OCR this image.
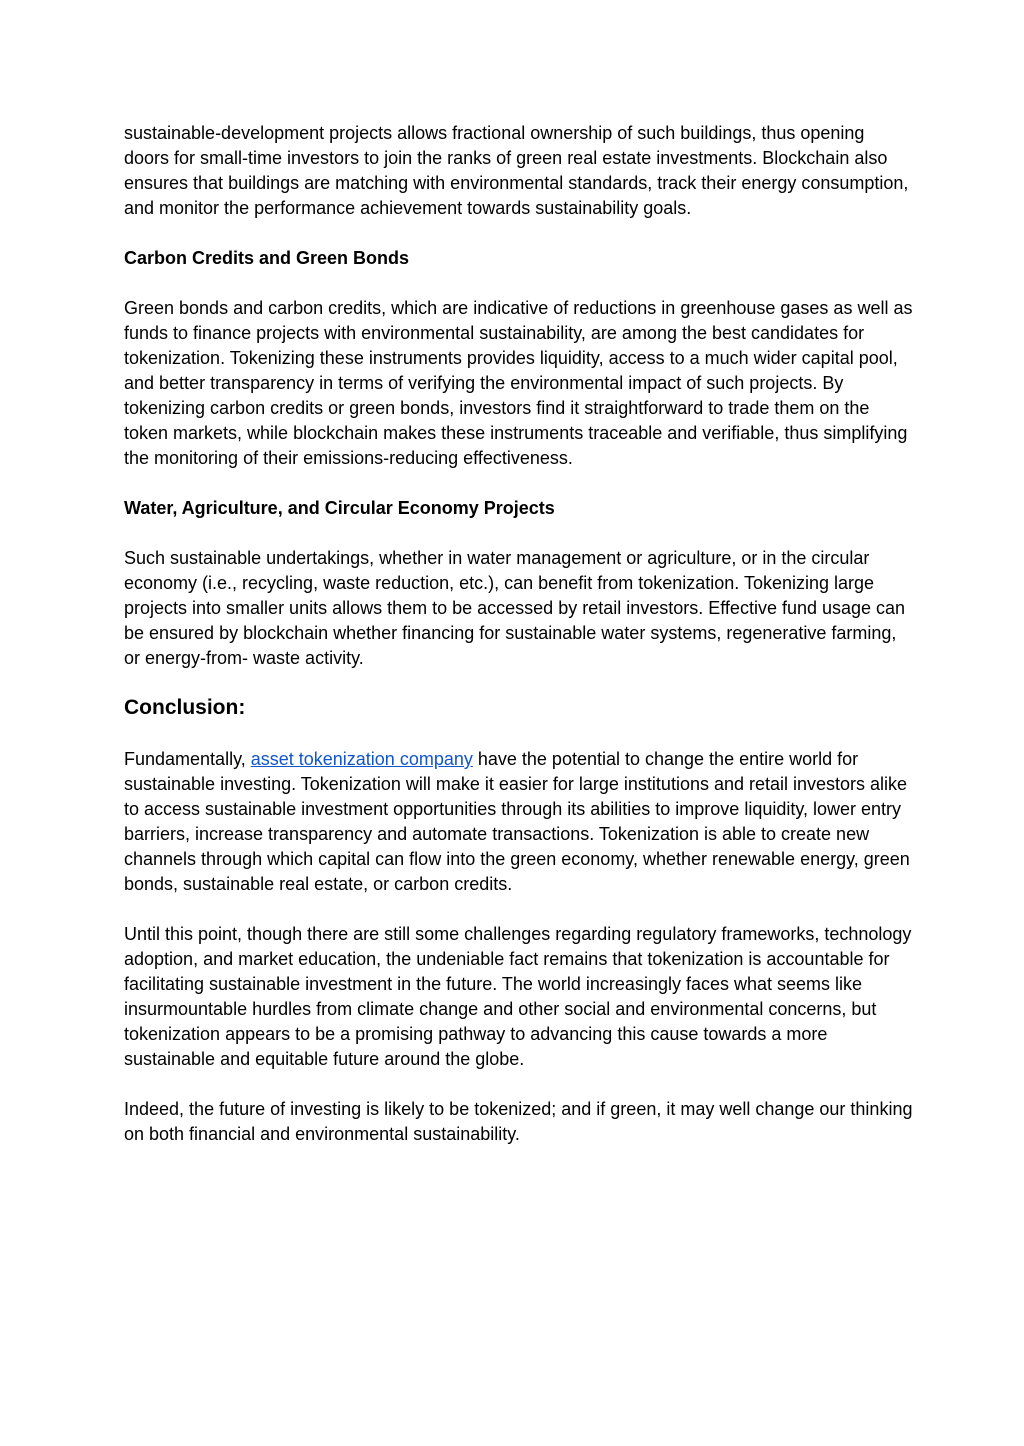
sustainable-development projects allows fractional ownership of such buildings, thus opening doors for small-time investors to join the ranks of green real estate investments. Blockchain also ensures that buildings are matching with environmental standards, track their energy consumption, and monitor the performance achievement towards sustainability goals.

Carbon Credits and Green Bonds

Green bonds and carbon credits, which are indicative of reductions in greenhouse gases as well as funds to finance projects with environmental sustainability, are among the best candidates for tokenization. Tokenizing these instruments provides liquidity, access to a much wider capital pool, and better transparency in terms of verifying the environmental impact of such projects. By tokenizing carbon credits or green bonds, investors find it straightforward to trade them on the token markets, while blockchain makes these instruments traceable and verifiable, thus simplifying the monitoring of their emissions-reducing effectiveness.

Water, Agriculture, and Circular Economy Projects

Such sustainable undertakings, whether in water management or agriculture, or in the circular economy (i.e., recycling, waste reduction, etc.), can benefit from tokenization. Tokenizing large projects into smaller units allows them to be accessed by retail investors. Effective fund usage can be ensured by blockchain whether financing for sustainable water systems, regenerative farming, or energy-from- waste activity.

Conclusion:

Fundamentally, asset tokenization company have the potential to change the entire world for sustainable investing. Tokenization will make it easier for large institutions and retail investors alike to access sustainable investment opportunities through its abilities to improve liquidity, lower entry barriers, increase transparency and automate transactions. Tokenization is able to create new channels through which capital can flow into the green economy, whether renewable energy, green bonds, sustainable real estate, or carbon credits.

Until this point, though there are still some challenges regarding regulatory frameworks, technology adoption, and market education, the undeniable fact remains that tokenization is accountable for facilitating sustainable investment in the future. The world increasingly faces what seems like insurmountable hurdles from climate change and other social and environmental concerns, but tokenization appears to be a promising pathway to advancing this cause towards a more sustainable and equitable future around the globe.

Indeed, the future of investing is likely to be tokenized; and if green, it may well change our thinking on both financial and environmental sustainability.
